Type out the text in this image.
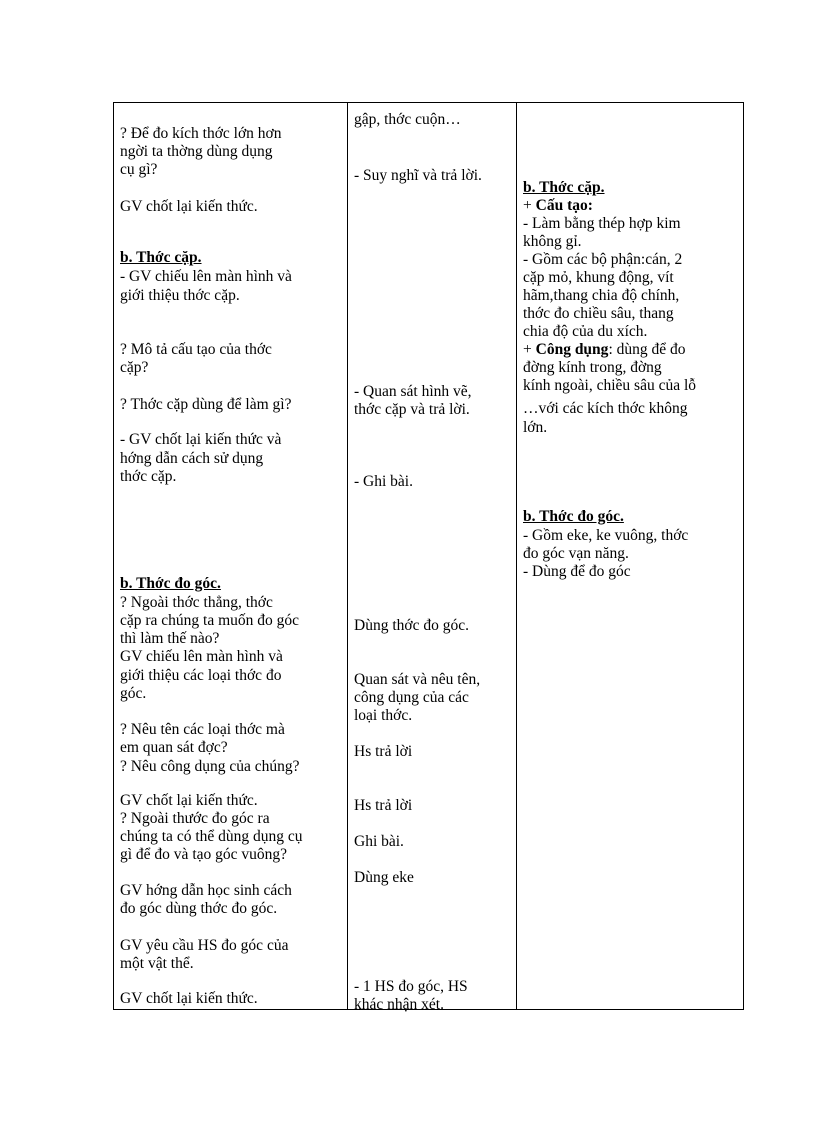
? Để đo kích thớc lớn hơn
ngời ta thờng dùng dụng
cụ gì?
GV chốt lại kiến thức.
b. Thớc cặp.
- GV chiếu lên màn hình và
giới thiệu thớc cặp.
? Mô tả cấu tạo của thớc
cặp?
? Thớc cặp dùng để làm gì?
- GV chốt lại kiến thức và
hớng dẫn cách sử dụng
thớc cặp.
b. Thớc đo góc.
? Ngoài thớc thẳng, thớc
cặp ra chúng ta muốn đo góc
thì làm thế nào?
GV chiếu lên màn hình và
giới thiệu các loại thớc đo
góc.
? Nêu tên các loại thớc mà
em quan sát đợc?
? Nêu công dụng của chúng?
GV chốt lại kiến thức.
? Ngoài thước đo góc ra
chúng ta có thể dùng dụng cụ
gì để đo và tạo góc vuông?
GV hớng dẫn học sinh cách
đo góc dùng thớc đo góc.
GV yêu cầu HS đo góc của
một vật thể.
GV chốt lại kiến thức.
gập, thớc cuộn…
- Suy nghĩ và trả lời.
- Quan sát hình vẽ,
thớc cặp và trả lời.
- Ghi bài.
Dùng thớc đo góc.
Quan sát và nêu tên,
công dụng của các
loại thớc.
Hs trả lời
Hs trả lời
Ghi bài.
Dùng eke
- 1 HS đo góc, HS
khác nhận xét.
b. Thớc cặp.
+ Cấu tạo:
- Làm bằng thép hợp kim
không gỉ.
- Gồm các bộ phận:cán, 2
cặp mỏ, khung động, vít
hãm,thang chia độ chính,
thớc đo chiều sâu, thang
chia độ của du xích.
+ Công dụng: dùng để đo
đờng kính trong, đờng
kính ngoài, chiều sâu của lỗ
…với các kích thớc không
lớn.
b. Thớc đo góc.
- Gồm eke, ke vuông, thớc
đo góc vạn năng.
- Dùng để đo góc
